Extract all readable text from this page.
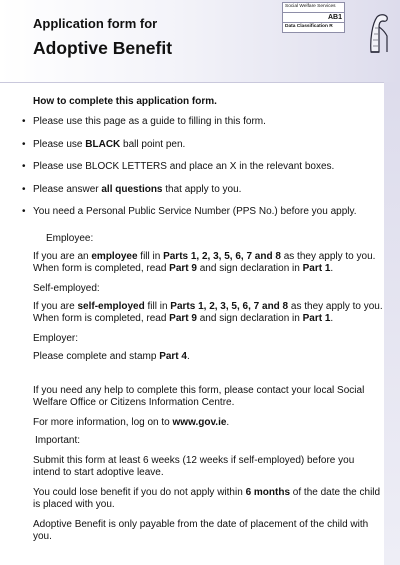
Application form for
Adoptive Benefit
Social Welfare Services
AB1
Data Classification R
How to complete this application form.
• Please use this page as a guide to filling in this form.
• Please use BLACK ball point pen.
• Please use BLOCK LETTERS and place an X in the relevant boxes.
• Please answer all questions that apply to you.
• You need a Personal Public Service Number (PPS No.) before you apply.
Employee:
If you are an employee fill in Parts 1, 2, 3, 5, 6, 7 and 8 as they apply to you. When form is completed, read Part 9 and sign declaration in Part 1.
Self-employed:
If you are self-employed fill in Parts 1, 2, 3, 5, 6, 7 and 8 as they apply to you. When form is completed, read Part 9 and sign declaration in Part 1.
Employer:
Please complete and stamp Part 4.
If you need any help to complete this form, please contact your local Social Welfare Office or Citizens Information Centre.
For more information, log on to www.gov.ie.
Important:
Submit this form at least 6 weeks (12 weeks if self-employed) before you intend to start adoptive leave.
You could lose benefit if you do not apply within 6 months of the date the child is placed with you.
Adoptive Benefit is only payable from the date of placement of the child with you.
